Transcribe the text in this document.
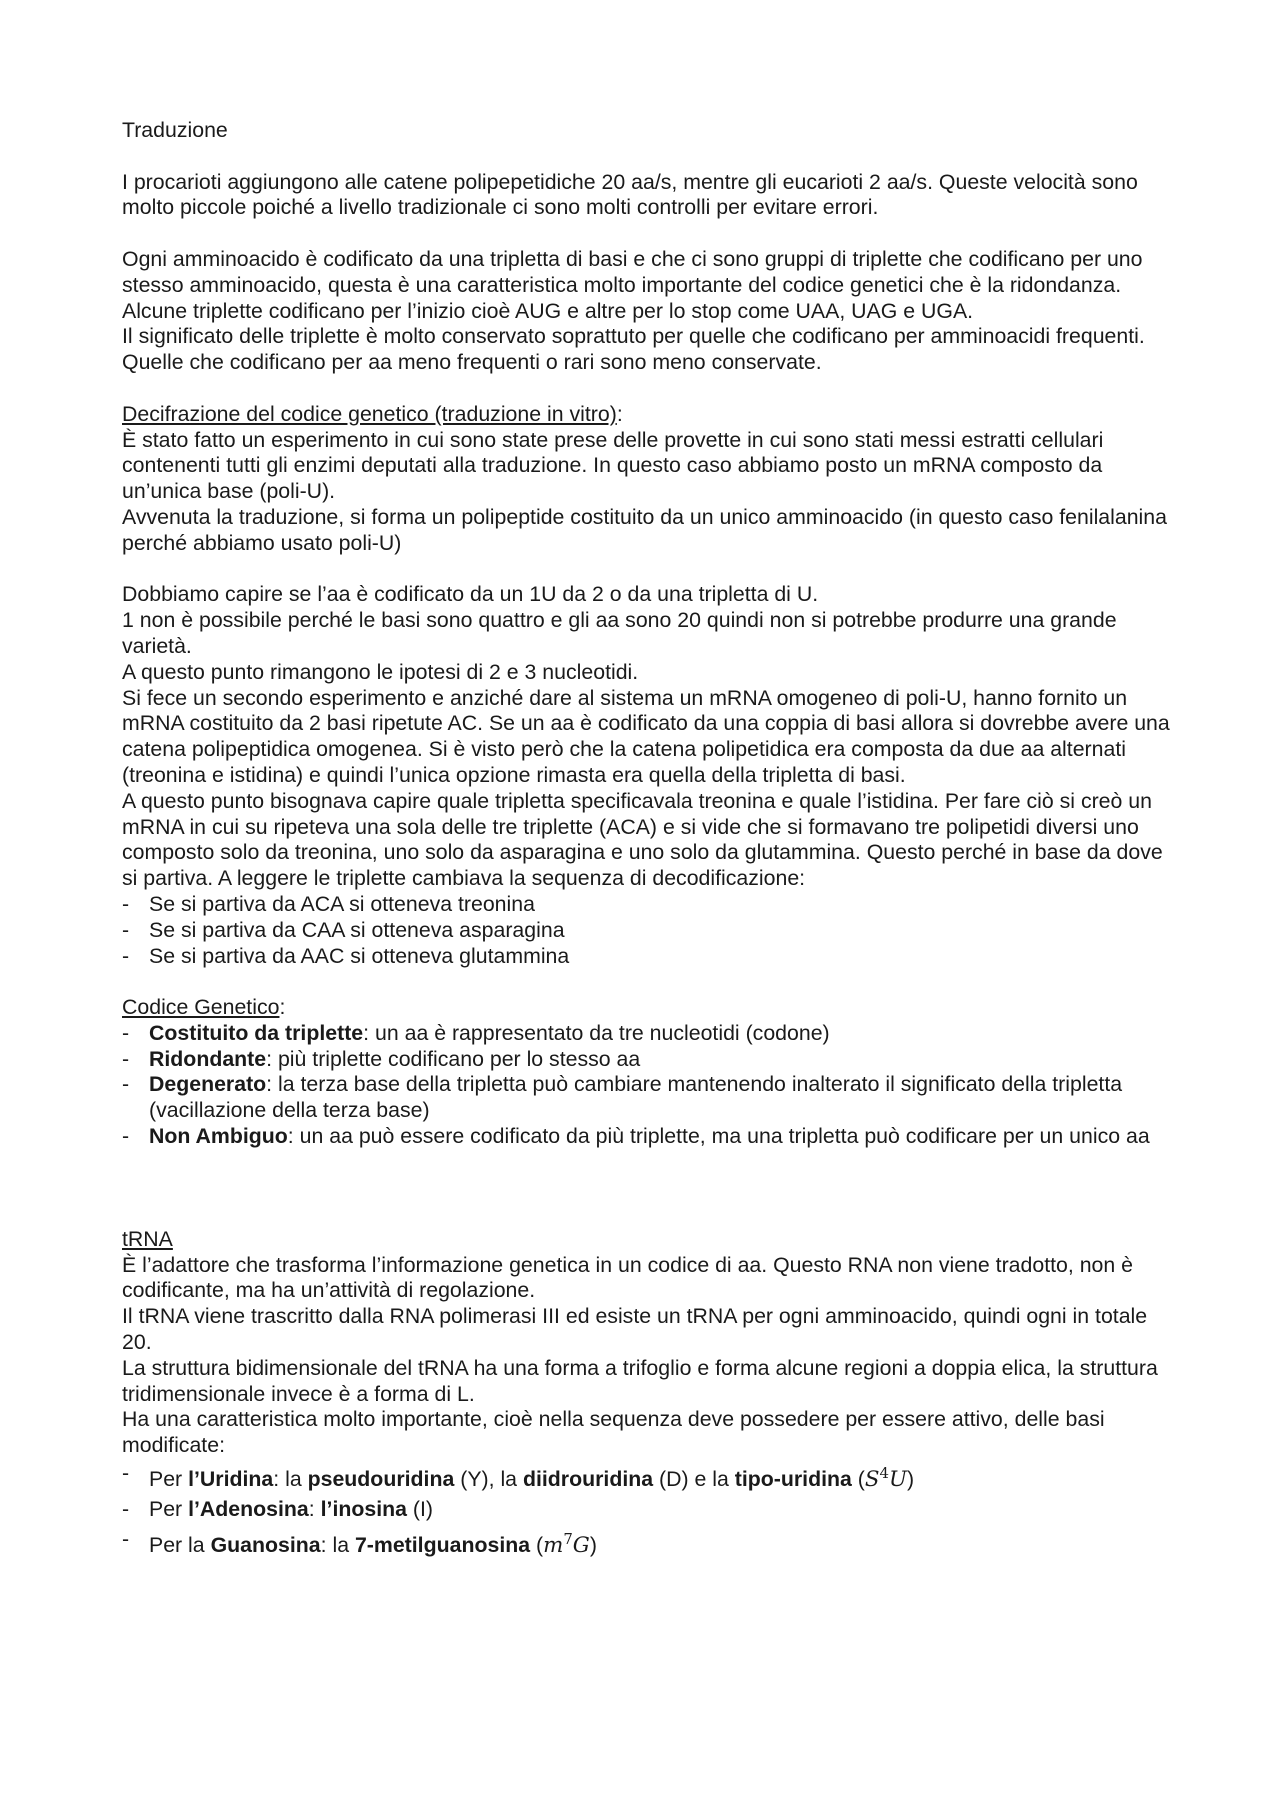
Traduzione

I procarioti aggiungono alle catene polipepetidiche 20 aa/s, mentre gli eucarioti 2 aa/s. Queste velocità sono molto piccole poiché a livello tradizionale ci sono molti controlli per evitare errori.

Ogni amminoacido è codificato da una tripletta di basi e che ci sono gruppi di triplette che codificano per uno stesso amminoacido, questa è una caratteristica molto importante del codice genetici che è la ridondanza.

Alcune triplette codificano per l’inizio cioè AUG e altre per lo stop come UAA, UAG e UGA.

Il significato delle triplette è molto conservato soprattuto per quelle che codificano per amminoacidi frequenti. Quelle che codificano per aa meno frequenti o rari sono meno conservate.

Decifrazione del codice genetico (traduzione in vitro):

È stato fatto un esperimento in cui sono state prese delle provette in cui sono stati messi estratti cellulari contenenti tutti gli enzimi deputati alla traduzione. In questo caso abbiamo posto un mRNA composto da un’unica base (poli-U).

Avvenuta la traduzione, si forma un polipeptide costituito da un unico amminoacido (in questo caso fenilalanina perché abbiamo usato poli-U)

Dobbiamo capire se l’aa è codificato da un 1U da 2 o da una tripletta di U.

1 non è possibile perché le basi sono quattro e gli aa sono 20 quindi non si potrebbe produrre una grande varietà.

A questo punto rimangono le ipotesi di 2 e 3 nucleotidi.

Si fece un secondo esperimento e anziché dare al sistema un mRNA omogeneo di poli-U, hanno fornito un mRNA costituito da 2 basi ripetute AC. Se un aa è codificato da una coppia di basi allora si dovrebbe avere una catena polipeptidica omogenea. Si è visto però che la catena polipetidica era composta da due aa alternati (treonina e istidina) e quindi l’unica opzione rimasta era quella della tripletta di basi.

A questo punto bisognava capire quale tripletta specificavala treonina e quale l’istidina. Per fare ciò si creò un mRNA in cui su ripeteva una sola delle tre triplette (ACA) e si vide che si formavano tre polipetidi diversi uno composto solo da treonina, uno solo da asparagina e uno solo da glutammina. Questo perché in base da dove si partiva. A leggere le triplette cambiava la sequenza di decodificazione:

- Se si partiva da ACA si otteneva treonina
- Se si partiva da CAA si otteneva asparagina
- Se si partiva da AAC si otteneva glutammina

Codice Genetico:

- Costituito da triplette: un aa è rappresentato da tre nucleotidi (codone)
- Ridondante: più triplette codificano per lo stesso aa
- Degenerato: la terza base della tripletta può cambiare mantenendo inalterato il significato della tripletta (vacillazione della terza base)
- Non Ambiguo: un aa può essere codificato da più triplette, ma una tripletta può codificare per un unico aa

tRNA

È l’adattore che trasforma l’informazione genetica in un codice di aa. Questo RNA non viene tradotto, non è codificante, ma ha un’attività di regolazione.

Il tRNA viene trascritto dalla RNA polimerasi III ed esiste un tRNA per ogni amminoacido, quindi ogni in totale 20.

La struttura bidimensionale del tRNA ha una forma a trifoglio e forma alcune regioni a doppia elica, la struttura tridimensionale invece è a forma di L.

Ha una caratteristica molto importante, cioè nella sequenza deve possedere per essere attivo, delle basi modificate:

- Per l’Uridina: la pseudouridina (Y), la diidrouridina (D) e la tipo-uridina $(S^4U)$
- Per l’Adenosina: l’inosina (I)
- Per la Guanosina: la 7-metilguanosina $(m^7G)$
